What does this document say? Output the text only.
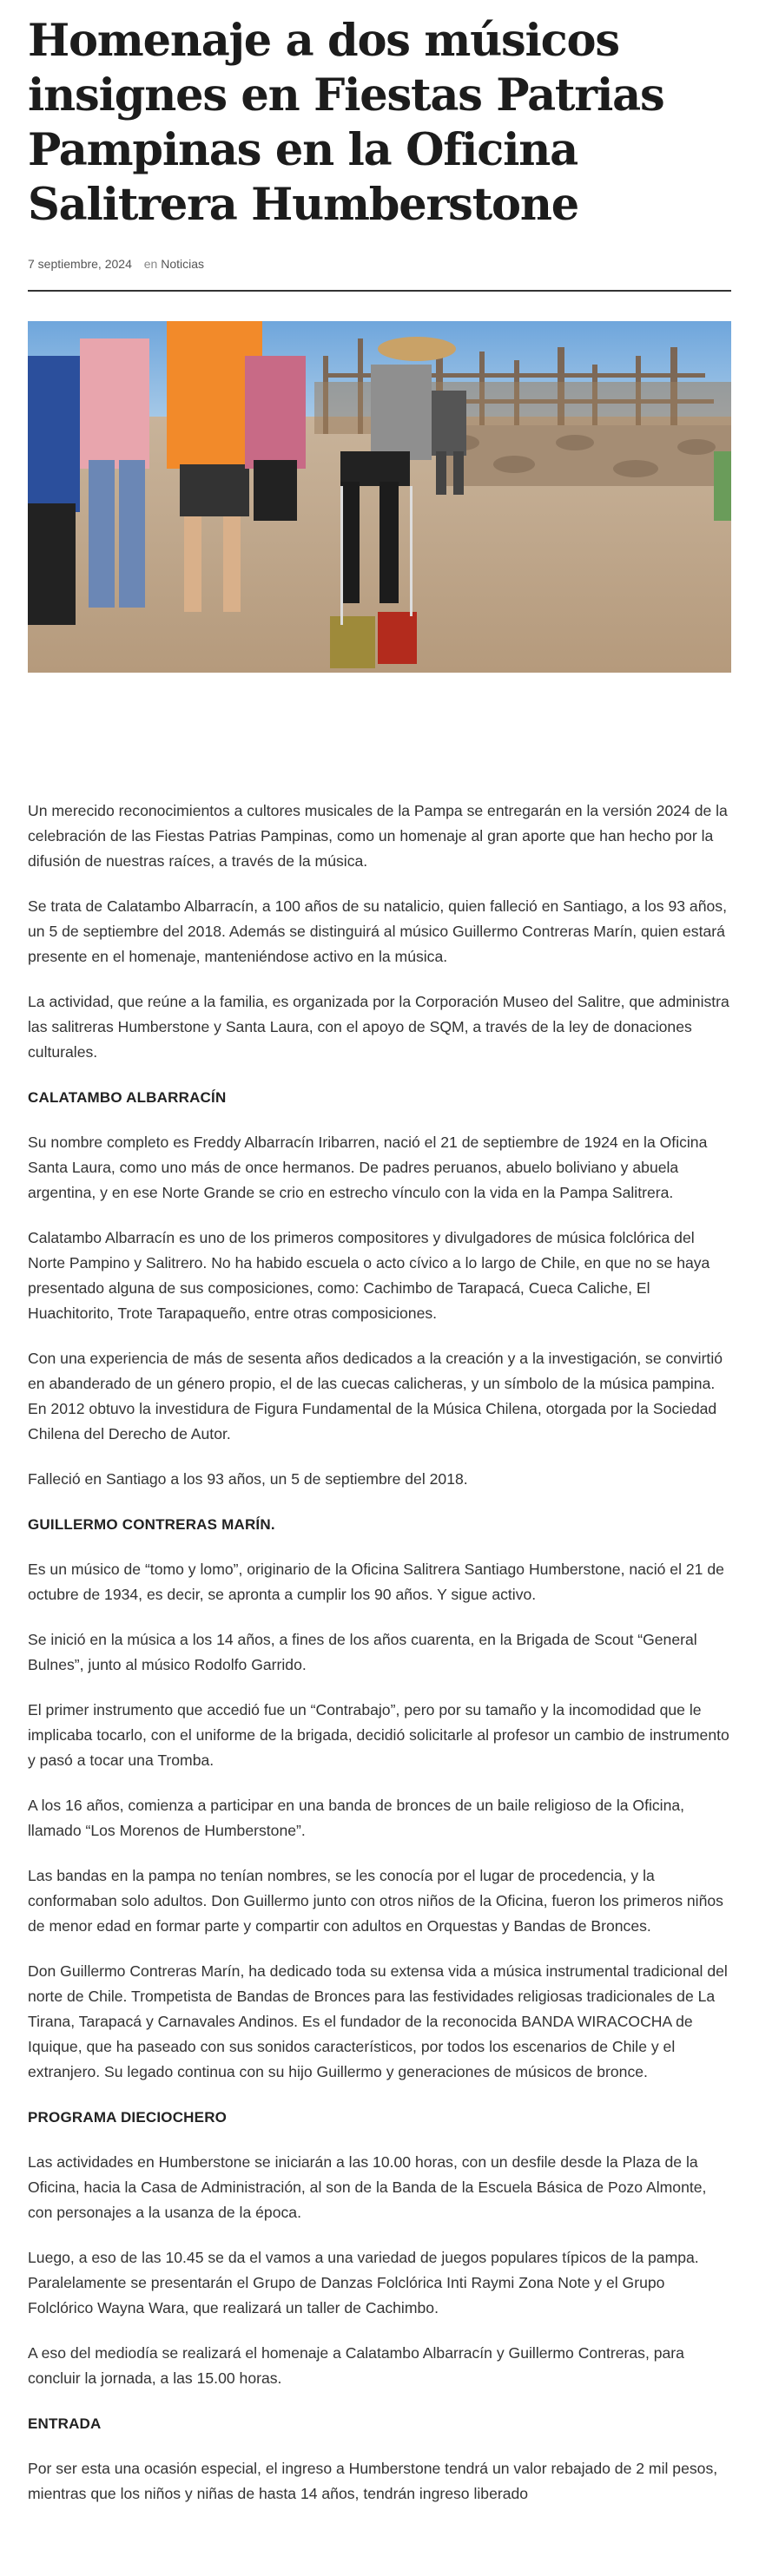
Homenaje a dos músicos insignes en Fiestas Patrias Pampinas en la Oficina Salitrera Humberstone
7 septiembre, 2024 en Noticias

Un merecido reconocimientos a cultores musicales de la Pampa se entregarán en la versión 2024 de la celebración de las Fiestas Patrias Pampinas, como un homenaje al gran aporte que han hecho por la difusión de nuestras raíces, a través de la música.

Se trata de Calatambo Albarracín, a 100 años de su natalicio, quien falleció en Santiago, a los 93 años, un 5 de septiembre del 2018. Además se distinguirá al músico Guillermo Contreras Marín, quien estará presente en el homenaje, manteniéndose activo en la música.

La actividad, que reúne a la familia, es organizada por la Corporación Museo del Salitre, que administra las salitreras Humberstone y Santa Laura, con el apoyo de SQM, a través de la ley de donaciones culturales.

CALATAMBO ALBARRACÍN

Su nombre completo es Freddy Albarracín Iribarren, nació el 21 de septiembre de 1924 en la Oficina Santa Laura, como uno más de once hermanos. De padres peruanos, abuelo boliviano y abuela argentina, y en ese Norte Grande se crio en estrecho vínculo con la vida en la Pampa Salitrera.

Calatambo Albarracín es uno de los primeros compositores y divulgadores de música folclórica del Norte Pampino y Salitrero. No ha habido escuela o acto cívico a lo largo de Chile, en que no se haya presentado alguna de sus composiciones, como: Cachimbo de Tarapacá, Cueca Caliche, El Huachitorito, Trote Tarapaqueño, entre otras composiciones.

Con una experiencia de más de sesenta años dedicados a la creación y a la investigación, se convirtió en abanderado de un género propio, el de las cuecas calicheras, y un símbolo de la música pampina. En 2012 obtuvo la investidura de Figura Fundamental de la Música Chilena, otorgada por la Sociedad Chilena del Derecho de Autor.

Falleció en Santiago a los 93 años, un 5 de septiembre del 2018.

GUILLERMO CONTRERAS MARÍN.

Es un músico de “tomo y lomo”, originario de la Oficina Salitrera Santiago Humberstone, nació el 21 de octubre de 1934, es decir, se apronta a cumplir los 90 años. Y sigue activo.

Se inició en la música a los 14 años, a fines de los años cuarenta, en la Brigada de Scout “General Bulnes”, junto al músico Rodolfo Garrido.

El primer instrumento que accedió fue un “Contrabajo”, pero por su tamaño y la incomodidad que le implicaba tocarlo, con el uniforme de la brigada, decidió solicitarle al profesor un cambio de instrumento y pasó a tocar una Tromba.

A los 16 años, comienza a participar en una banda de bronces de un baile religioso de la Oficina, llamado “Los Morenos de Humberstone”.

Las bandas en la pampa no tenían nombres, se les conocía por el lugar de procedencia, y la conformaban solo adultos. Don Guillermo junto con otros niños de la Oficina, fueron los primeros niños de menor edad en formar parte y compartir con adultos en Orquestas y Bandas de Bronces.

Don Guillermo Contreras Marín, ha dedicado toda su extensa vida a música instrumental tradicional del norte de Chile. Trompetista de Bandas de Bronces para las festividades religiosas tradicionales de La Tirana, Tarapacá y Carnavales Andinos. Es el fundador de la reconocida BANDA WIRACOCHA de Iquique, que ha paseado con sus sonidos característicos, por todos los escenarios de Chile y el extranjero. Su legado continua con su hijo Guillermo y generaciones de músicos de bronce.

PROGRAMA DIECIOCHERO

Las actividades en Humberstone se iniciarán a las 10.00 horas, con un desfile desde la Plaza de la Oficina, hacia la Casa de Administración, al son de la Banda de la Escuela Básica de Pozo Almonte, con personajes a la usanza de la época.

Luego, a eso de las 10.45 se da el vamos a una variedad de juegos populares típicos de la pampa. Paralelamente se presentarán el Grupo de Danzas Folclórica Inti Raymi Zona Note y el Grupo Folclórico Wayna Wara, que realizará un taller de Cachimbo.

A eso del mediodía se realizará el homenaje a Calatambo Albarracín y Guillermo Contreras, para concluir la jornada, a las 15.00 horas.

ENTRADA

Por ser esta una ocasión especial, el ingreso a Humberstone tendrá un valor rebajado de 2 mil pesos, mientras que los niños y niñas de hasta 14 años, tendrán ingreso liberado
